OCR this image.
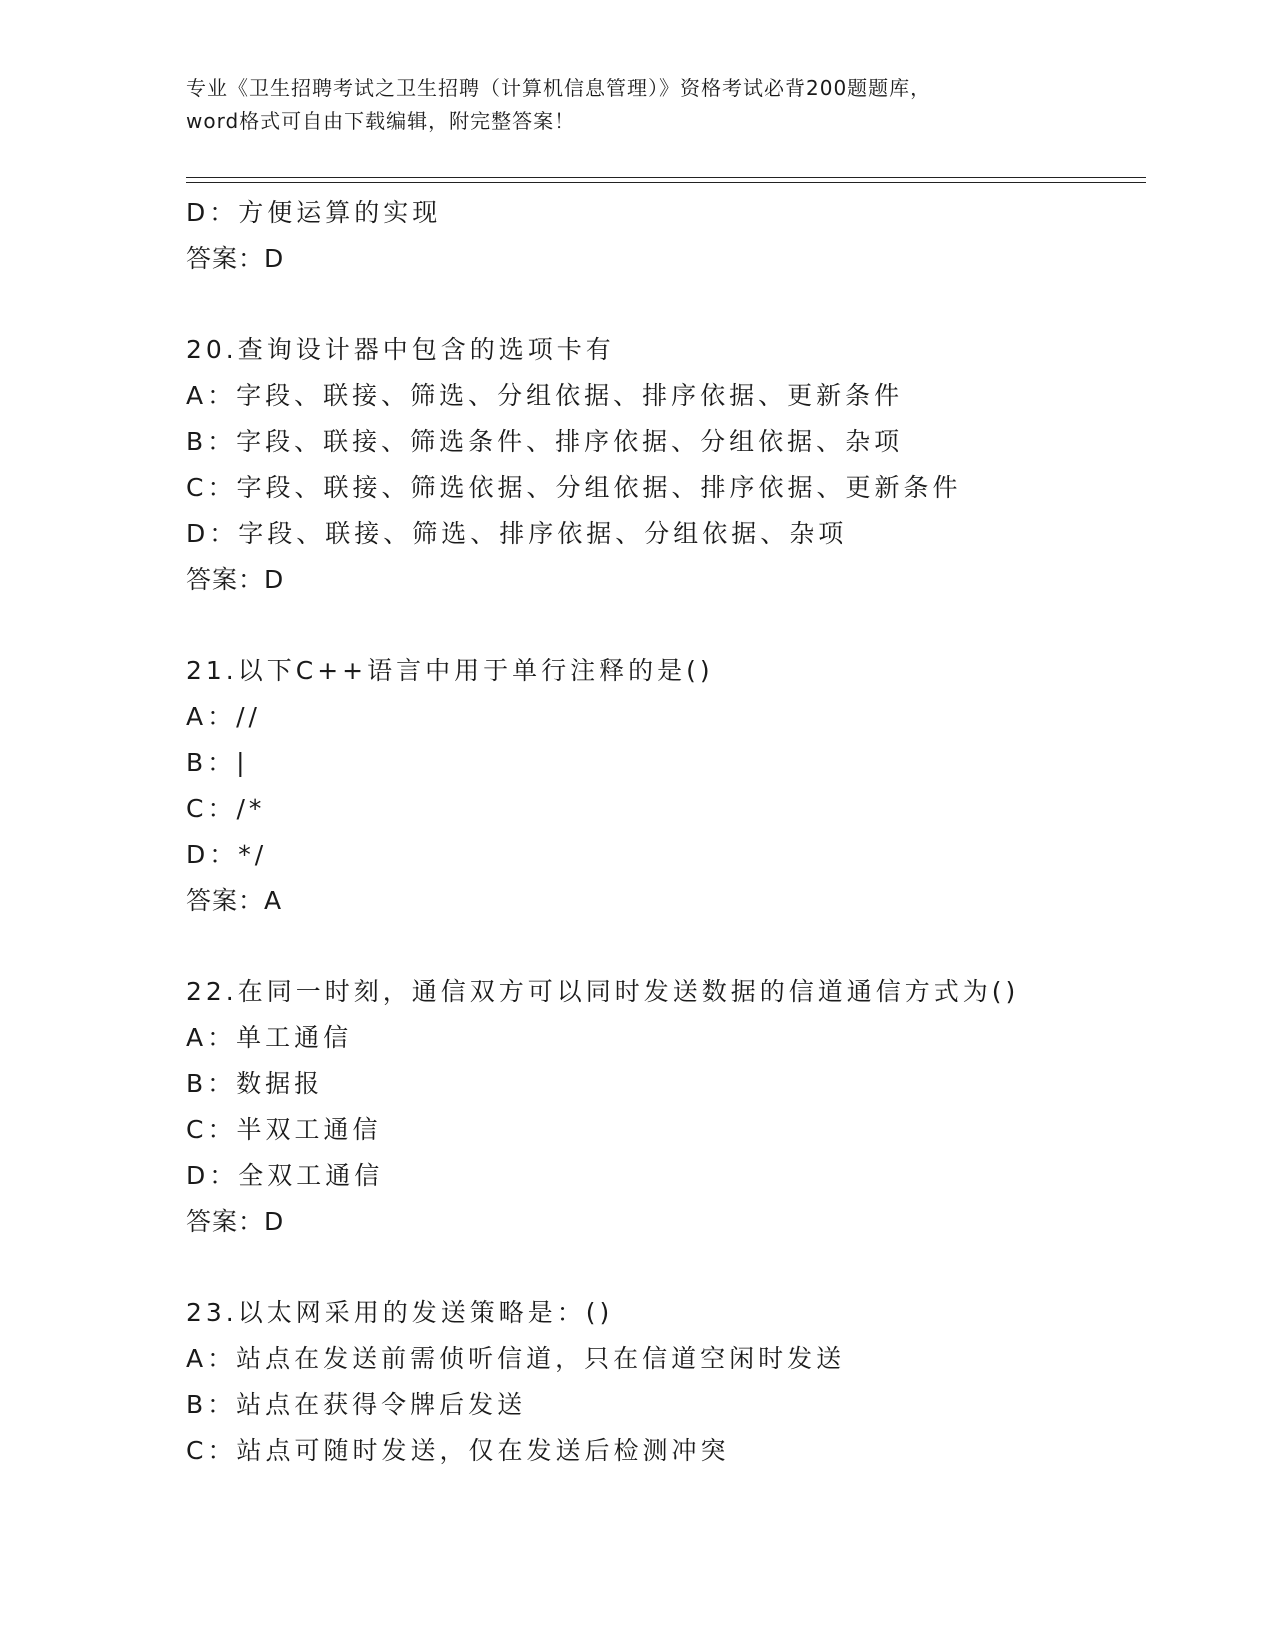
专业《卫生招聘考试之卫生招聘（计算机信息管理）》资格考试必背200题题库，
word格式可自由下载编辑，附完整答案！
D：方便运算的实现
答案：D
20.查询设计器中包含的选项卡有
A：字段、联接、筛选、分组依据、排序依据、更新条件
B：字段、联接、筛选条件、排序依据、分组依据、杂项
C：字段、联接、筛选依据、分组依据、排序依据、更新条件
D：字段、联接、筛选、排序依据、分组依据、杂项
答案：D
21.以下C++语言中用于单行注释的是()
A：//
B：|
C：/*
D：*/
答案：A
22.在同一时刻，通信双方可以同时发送数据的信道通信方式为()
A：单工通信
B：数据报
C：半双工通信
D：全双工通信
答案：D
23.以太网采用的发送策略是：()
A：站点在发送前需侦听信道，只在信道空闲时发送
B：站点在获得令牌后发送
C：站点可随时发送，仅在发送后检测冲突
